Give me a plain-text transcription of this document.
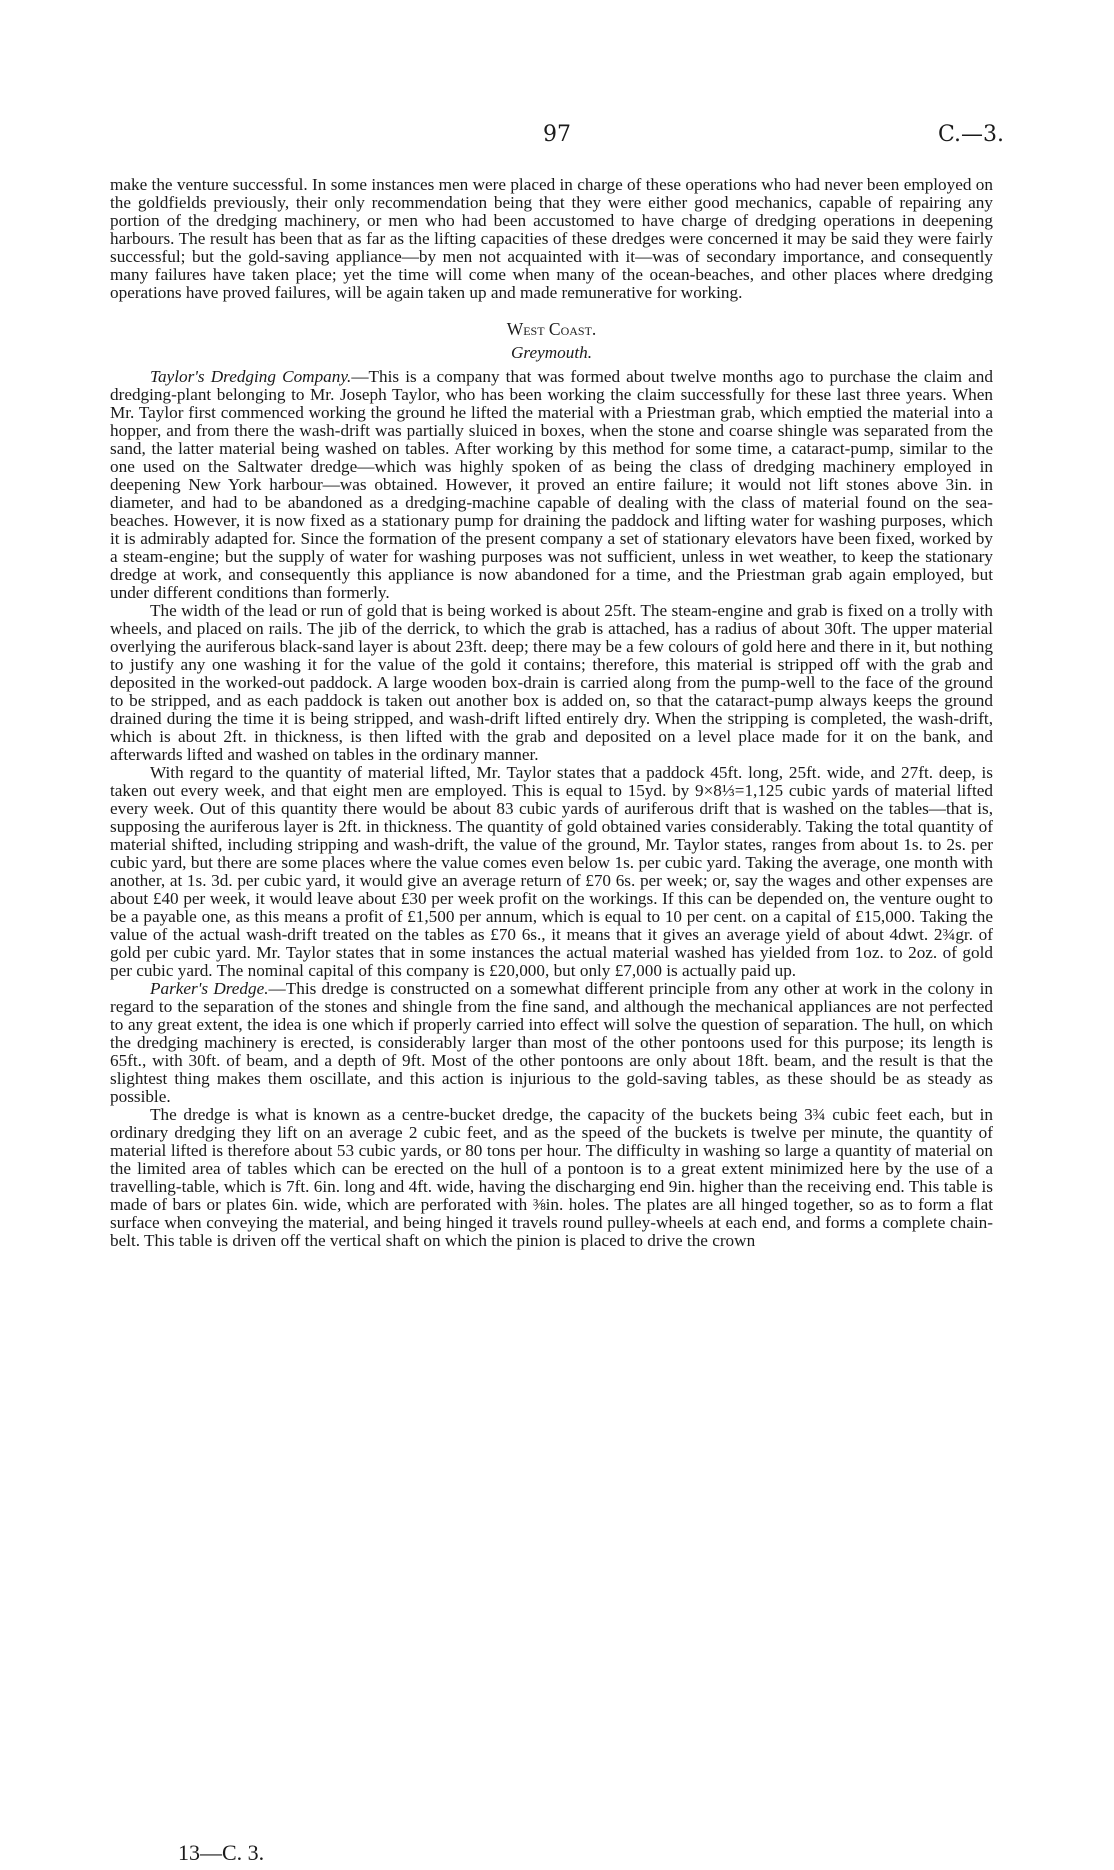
97	C.—3.

make the venture successful. In some instances men were placed in charge of these operations who had never been employed on the goldfields previously, their only recommendation being that they were either good mechanics, capable of repairing any portion of the dredging machinery, or men who had been accustomed to have charge of dredging operations in deepening harbours. The result has been that as far as the lifting capacities of these dredges were concerned it may be said they were fairly successful; but the gold-saving appliance—by men not acquainted with it—was of secondary importance, and consequently many failures have taken place; yet the time will come when many of the ocean-beaches, and other places where dredging operations have proved failures, will be again taken up and made remunerative for working.

West Coast.
Greymouth.

Taylor's Dredging Company.—This is a company that was formed about twelve months ago to purchase the claim and dredging-plant belonging to Mr. Joseph Taylor, who has been working the claim successfully for these last three years. When Mr. Taylor first commenced working the ground he lifted the material with a Priestman grab, which emptied the material into a hopper, and from there the wash-drift was partially sluiced in boxes, when the stone and coarse shingle was separated from the sand, the latter material being washed on tables. After working by this method for some time, a cataract-pump, similar to the one used on the Saltwater dredge—which was highly spoken of as being the class of dredging machinery employed in deepening New York harbour—was obtained. However, it proved an entire failure; it would not lift stones above 3in. in diameter, and had to be abandoned as a dredging-machine capable of dealing with the class of material found on the sea-beaches. However, it is now fixed as a stationary pump for draining the paddock and lifting water for washing purposes, which it is admirably adapted for. Since the formation of the present company a set of stationary elevators have been fixed, worked by a steam-engine; but the supply of water for washing purposes was not sufficient, unless in wet weather, to keep the stationary dredge at work, and consequently this appliance is now abandoned for a time, and the Priestman grab again employed, but under different conditions than formerly.

The width of the lead or run of gold that is being worked is about 25ft. The steam-engine and grab is fixed on a trolly with wheels, and placed on rails. The jib of the derrick, to which the grab is attached, has a radius of about 30ft. The upper material overlying the auriferous black-sand layer is about 23ft. deep; there may be a few colours of gold here and there in it, but nothing to justify any one washing it for the value of the gold it contains; therefore, this material is stripped off with the grab and deposited in the worked-out paddock. A large wooden box-drain is carried along from the pump-well to the face of the ground to be stripped, and as each paddock is taken out another box is added on, so that the cataract-pump always keeps the ground drained during the time it is being stripped, and wash-drift lifted entirely dry. When the stripping is completed, the wash-drift, which is about 2ft. in thickness, is then lifted with the grab and deposited on a level place made for it on the bank, and afterwards lifted and washed on tables in the ordinary manner.

With regard to the quantity of material lifted, Mr. Taylor states that a paddock 45ft. long, 25ft. wide, and 27ft. deep, is taken out every week, and that eight men are employed. This is equal to 15yd. by 9×8⅓=1,125 cubic yards of material lifted every week. Out of this quantity there would be about 83 cubic yards of auriferous drift that is washed on the tables—that is, supposing the auriferous layer is 2ft. in thickness. The quantity of gold obtained varies considerably. Taking the total quantity of material shifted, including stripping and wash-drift, the value of the ground, Mr. Taylor states, ranges from about 1s. to 2s. per cubic yard, but there are some places where the value comes even below 1s. per cubic yard. Taking the average, one month with another, at 1s. 3d. per cubic yard, it would give an average return of £70 6s. per week; or, say the wages and other expenses are about £40 per week, it would leave about £30 per week profit on the workings. If this can be depended on, the venture ought to be a payable one, as this means a profit of £1,500 per annum, which is equal to 10 per cent. on a capital of £15,000. Taking the value of the actual wash-drift treated on the tables as £70 6s., it means that it gives an average yield of about 4dwt. 2¾gr. of gold per cubic yard. Mr. Taylor states that in some instances the actual material washed has yielded from 1oz. to 2oz. of gold per cubic yard. The nominal capital of this company is £20,000, but only £7,000 is actually paid up.

Parker's Dredge.—This dredge is constructed on a somewhat different principle from any other at work in the colony in regard to the separation of the stones and shingle from the fine sand, and although the mechanical appliances are not perfected to any great extent, the idea is one which if properly carried into effect will solve the question of separation. The hull, on which the dredging machinery is erected, is considerably larger than most of the other pontoons used for this purpose; its length is 65ft., with 30ft. of beam, and a depth of 9ft. Most of the other pontoons are only about 18ft. beam, and the result is that the slightest thing makes them oscillate, and this action is injurious to the gold-saving tables, as these should be as steady as possible.

The dredge is what is known as a centre-bucket dredge, the capacity of the buckets being 3¾ cubic feet each, but in ordinary dredging they lift on an average 2 cubic feet, and as the speed of the buckets is twelve per minute, the quantity of material lifted is therefore about 53 cubic yards, or 80 tons per hour. The difficulty in washing so large a quantity of material on the limited area of tables which can be erected on the hull of a pontoon is to a great extent minimized here by the use of a travelling-table, which is 7ft. 6in. long and 4ft. wide, having the discharging end 9in. higher than the receiving end. This table is made of bars or plates 6in. wide, which are perforated with ⅜in. holes. The plates are all hinged together, so as to form a flat surface when conveying the material, and being hinged it travels round pulley-wheels at each end, and forms a complete chain-belt. This table is driven off the vertical shaft on which the pinion is placed to drive the crown

13—C. 3.
